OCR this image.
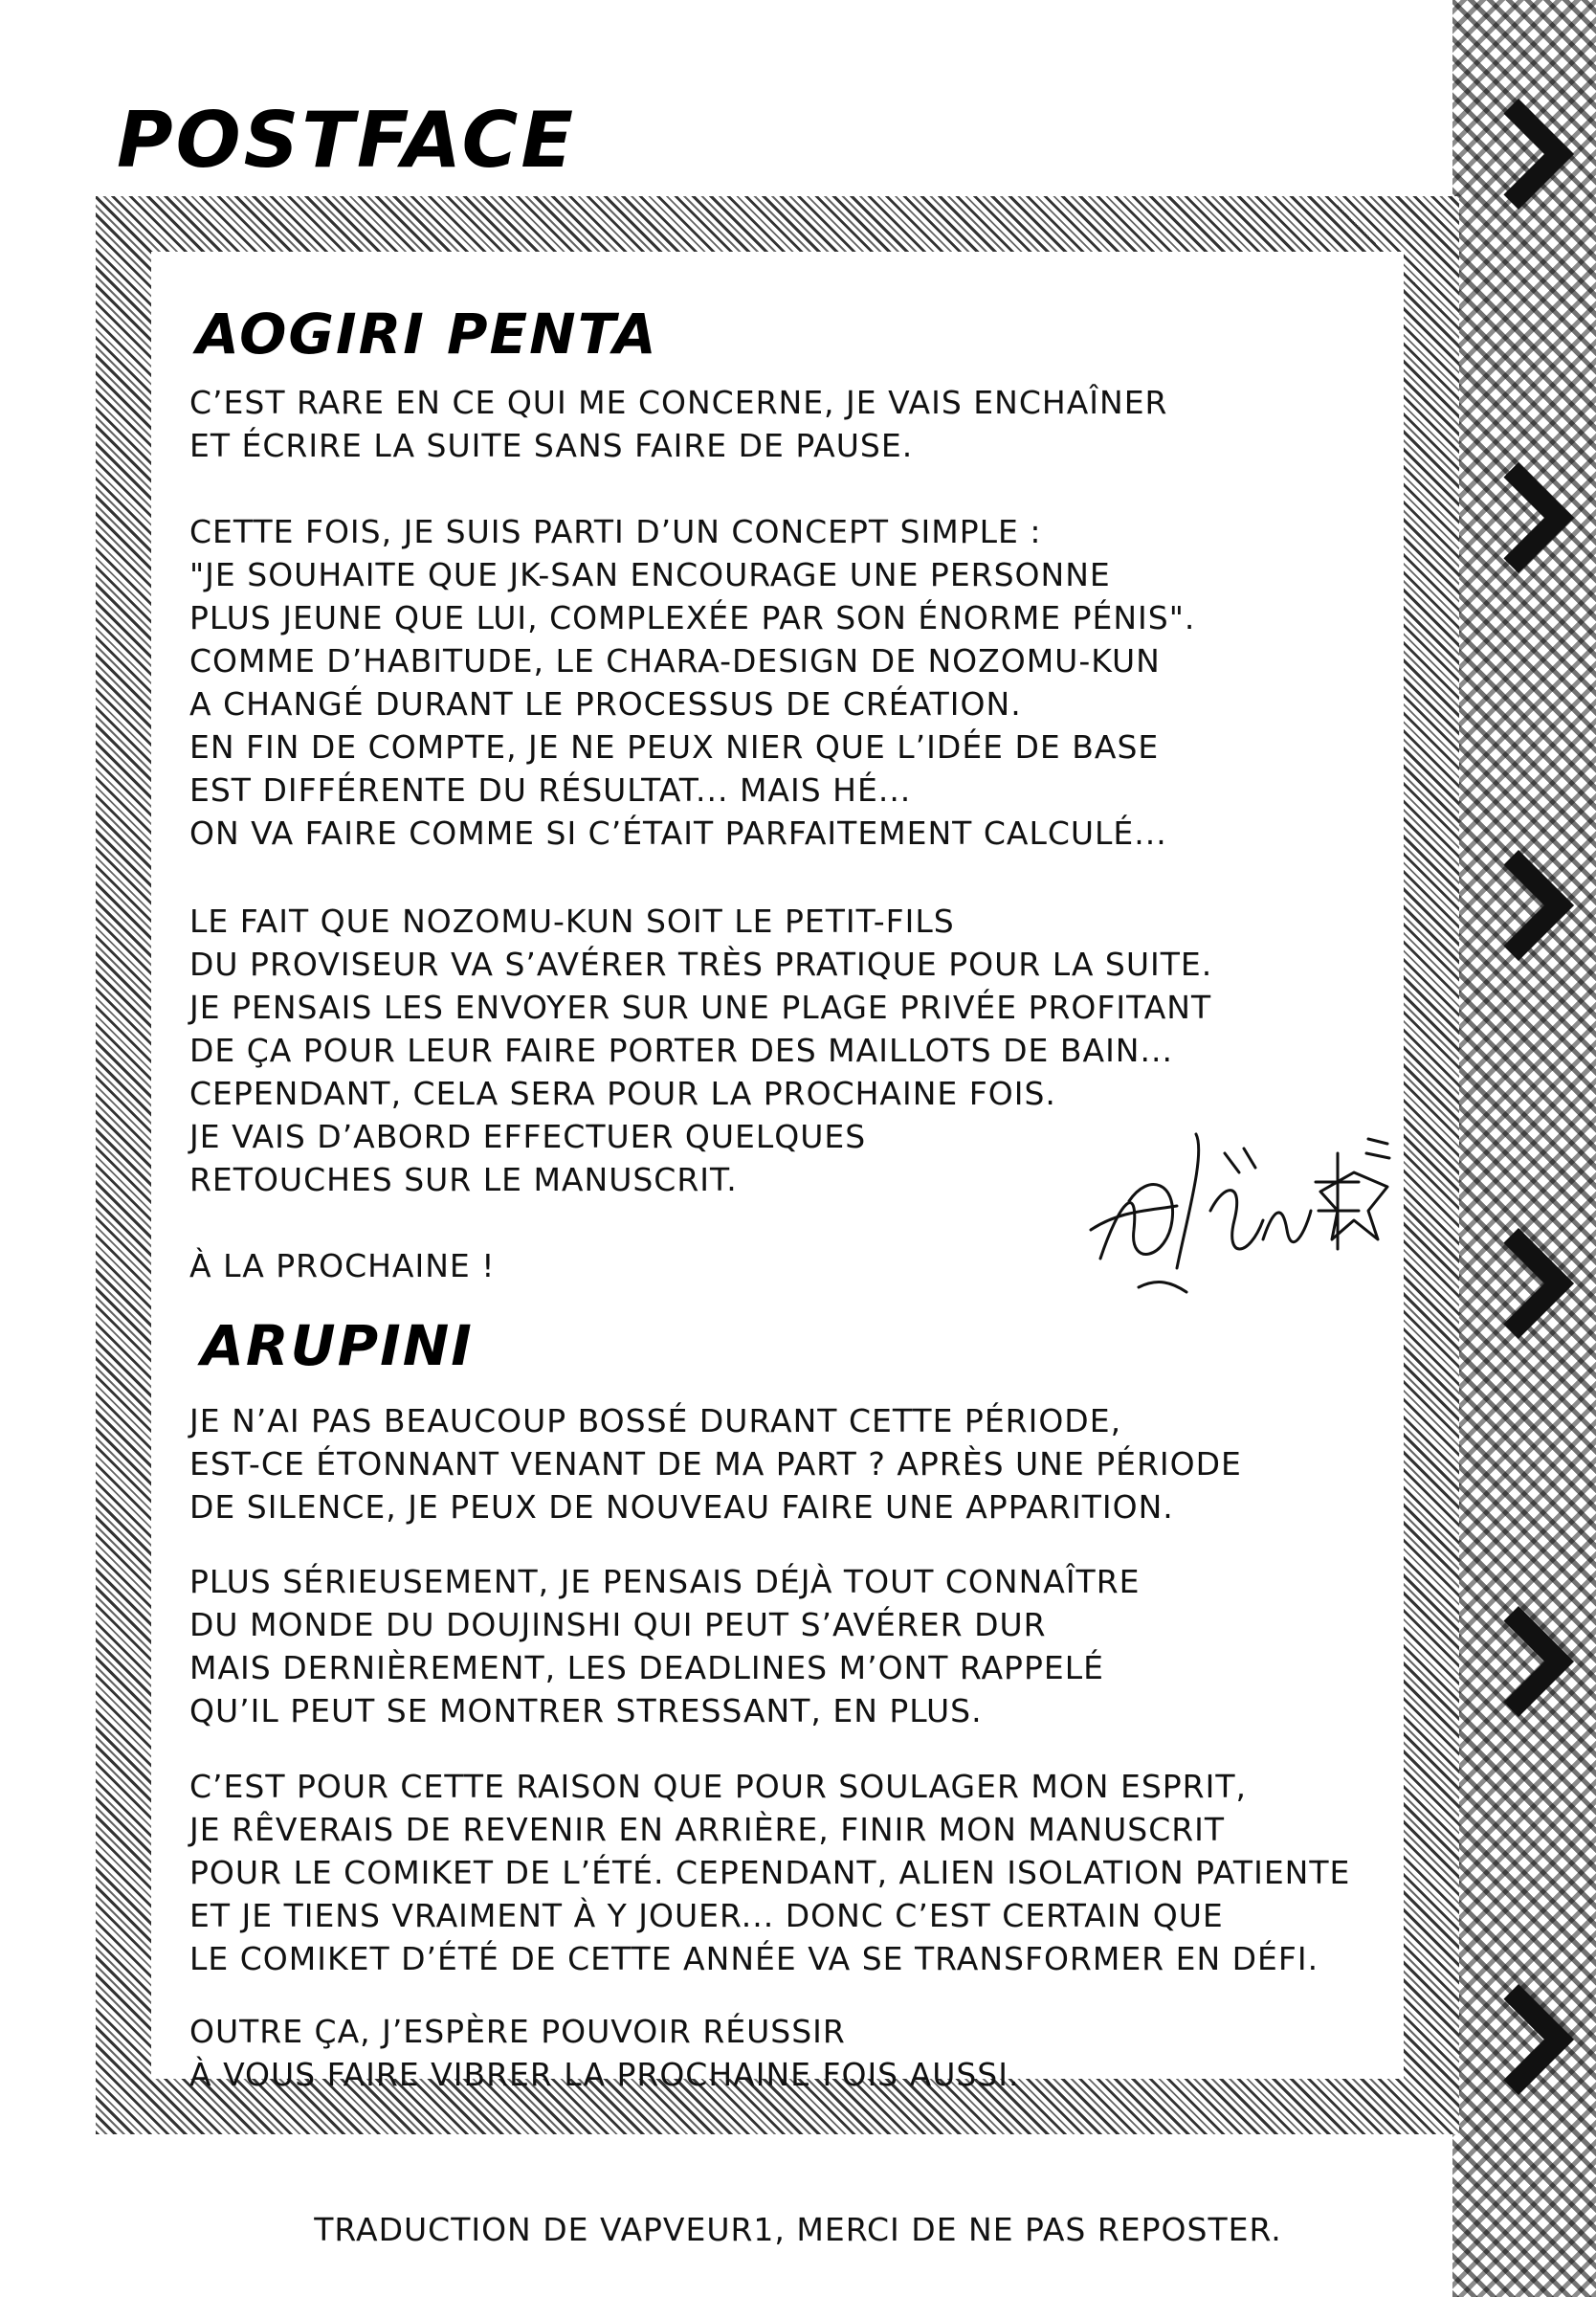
POSTFACE
AOGIRI PENTA
C’EST RARE EN CE QUI ME CONCERNE, JE VAIS ENCHAÎNER
ET ÉCRIRE LA SUITE SANS FAIRE DE PAUSE.
CETTE FOIS, JE SUIS PARTI D’UN CONCEPT SIMPLE :
"JE SOUHAITE QUE JK-SAN ENCOURAGE UNE PERSONNE
PLUS JEUNE QUE LUI, COMPLEXÉE PAR SON ÉNORME PÉNIS".
COMME D’HABITUDE, LE CHARA-DESIGN DE NOZOMU-KUN
A CHANGÉ DURANT LE PROCESSUS DE CRÉATION.
EN FIN DE COMPTE, JE NE PEUX NIER QUE L’IDÉE DE BASE
EST DIFFÉRENTE DU RÉSULTAT... MAIS HÉ...
ON VA FAIRE COMME SI C’ÉTAIT PARFAITEMENT CALCULÉ...
LE FAIT QUE NOZOMU-KUN SOIT LE PETIT-FILS
DU PROVISEUR VA S’AVÉRER TRÈS PRATIQUE POUR LA SUITE.
JE PENSAIS LES ENVOYER SUR UNE PLAGE PRIVÉE PROFITANT
DE ÇA POUR LEUR FAIRE PORTER DES MAILLOTS DE BAIN...
CEPENDANT, CELA SERA POUR LA PROCHAINE FOIS.
JE VAIS D’ABORD EFFECTUER QUELQUES
RETOUCHES SUR LE MANUSCRIT.
À LA PROCHAINE !
ARUPINI
JE N’AI PAS BEAUCOUP BOSSÉ DURANT CETTE PÉRIODE,
EST-CE ÉTONNANT VENANT DE MA PART ? APRÈS UNE PÉRIODE
DE SILENCE, JE PEUX DE NOUVEAU FAIRE UNE APPARITION.
PLUS SÉRIEUSEMENT, JE PENSAIS DÉJÀ TOUT CONNAÎTRE
DU MONDE DU DOUJINSHI QUI PEUT S’AVÉRER DUR
MAIS DERNIÈREMENT, LES DEADLINES M’ONT RAPPELÉ
QU’IL PEUT SE MONTRER STRESSANT, EN PLUS.
C’EST POUR CETTE RAISON QUE POUR SOULAGER MON ESPRIT,
JE RÊVERAIS DE REVENIR EN ARRIÈRE, FINIR MON MANUSCRIT
POUR LE COMIKET DE L’ÉTÉ. CEPENDANT, ALIEN ISOLATION PATIENTE
ET JE TIENS VRAIMENT À Y JOUER... DONC C’EST CERTAIN QUE
LE COMIKET D’ÉTÉ DE CETTE ANNÉE VA SE TRANSFORMER EN DÉFI.
OUTRE ÇA, J’ESPÈRE POUVOIR RÉUSSIR
À VOUS FAIRE VIBRER LA PROCHAINE FOIS AUSSI.

TRADUCTION DE VAPVEUR1, MERCI DE NE PAS REPOSTER.
